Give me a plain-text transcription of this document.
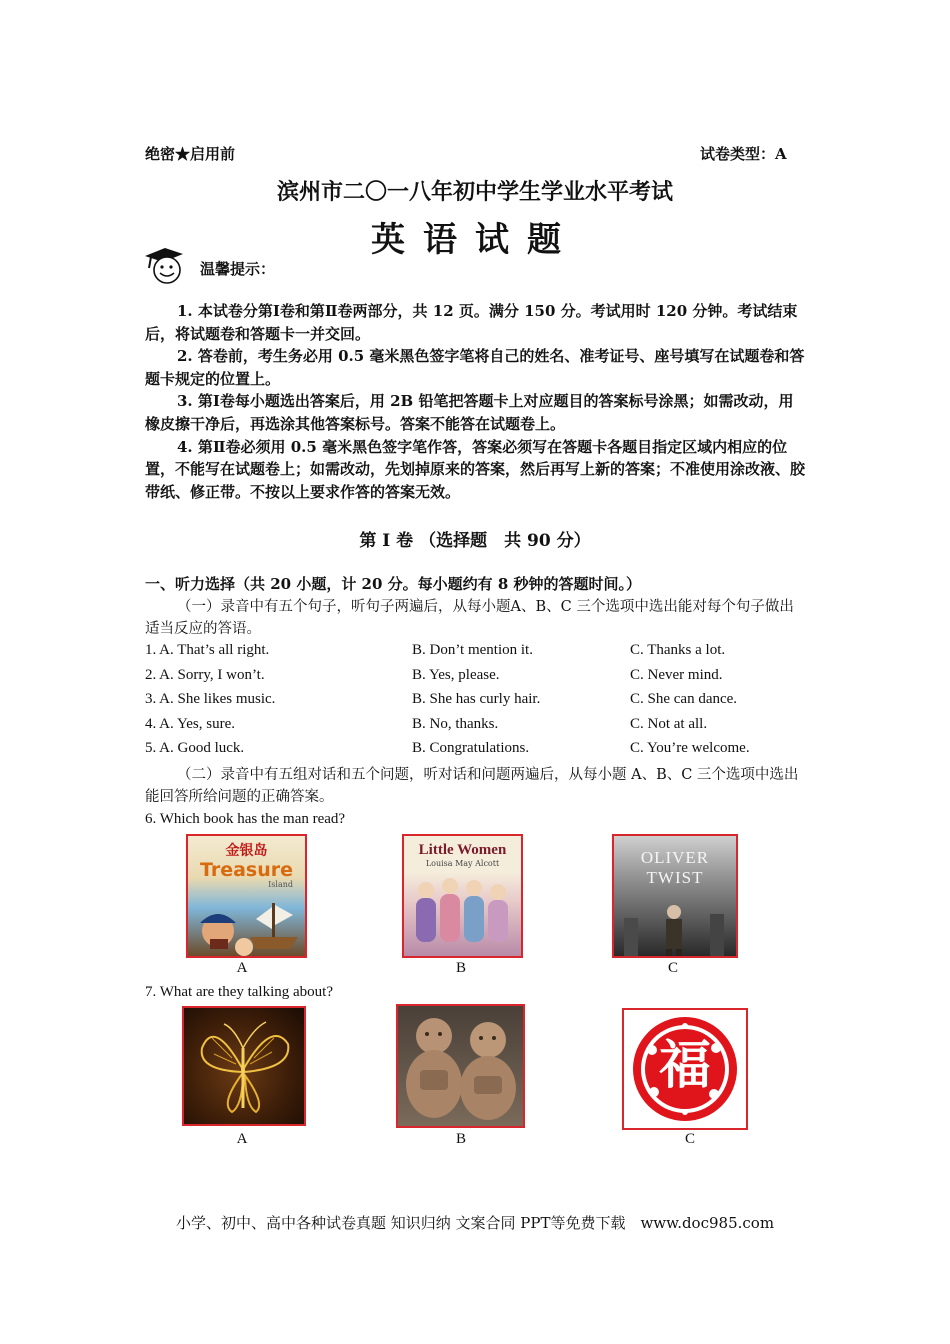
绝密★启用前	试卷类型：A
滨州市二〇一八年初中学生学业水平考试
英语试题
温馨提示：

1. 本试卷分第Ⅰ卷和第Ⅱ卷两部分，共 12 页。满分 150 分。考试用时 120 分钟。考试结束后，将试题卷和答题卡一并交回。

2. 答卷前，考生务必用 0.5 毫米黑色签字笔将自己的姓名、准考证号、座号填写在试题卷和答题卡规定的位置上。

3. 第Ⅰ卷每小题选出答案后，用 2B 铅笔把答题卡上对应题目的答案标号涂黑；如需改动，用橡皮擦干净后，再选涂其他答案标号。答案不能答在试题卷上。

4. 第Ⅱ卷必须用 0.5 毫米黑色签字笔作答，答案必须写在答题卡各题目指定区域内相应的位置，不能写在试题卷上；如需改动，先划掉原来的答案，然后再写上新的答案；不准使用涂改液、胶带纸、修正带。不按以上要求作答的答案无效。

第 I 卷 （选择题　共 90 分）
一、听力选择（共 20 小题，计 20 分。每小题约有 8 秒钟的答题时间。）

（一）录音中有五个句子，听句子两遍后，从每小题A、B、C 三个选项中选出能对每个句子做出适当反应的答语。

1. A. That’s all right.	B. Don’t mention it.	C. Thanks a lot.
2. A. Sorry, I won’t.	B. Yes, please.	C. Never mind.
3. A. She likes music.	B. She has curly hair.	C. She can dance.
4. A. Yes, sure.	B. No, thanks.	C. Not at all.
5. A. Good luck.	B. Congratulations.	C. You’re welcome.

（二）录音中有五组对话和五个问题，听对话和问题两遍后，从每小题 A、B、C 三个选项中选出能回答所给问题的正确答案。

6. Which book has the man read?
金银岛
Treasure
Island
A
Little Women
Louisa May Alcott
B
OLIVER TWIST
C
7. What are they talking about?
A	B
福
C
小学、初中、高中各种试卷真题 知识归纳 文案合同 PPT等免费下载　www.doc985.com
